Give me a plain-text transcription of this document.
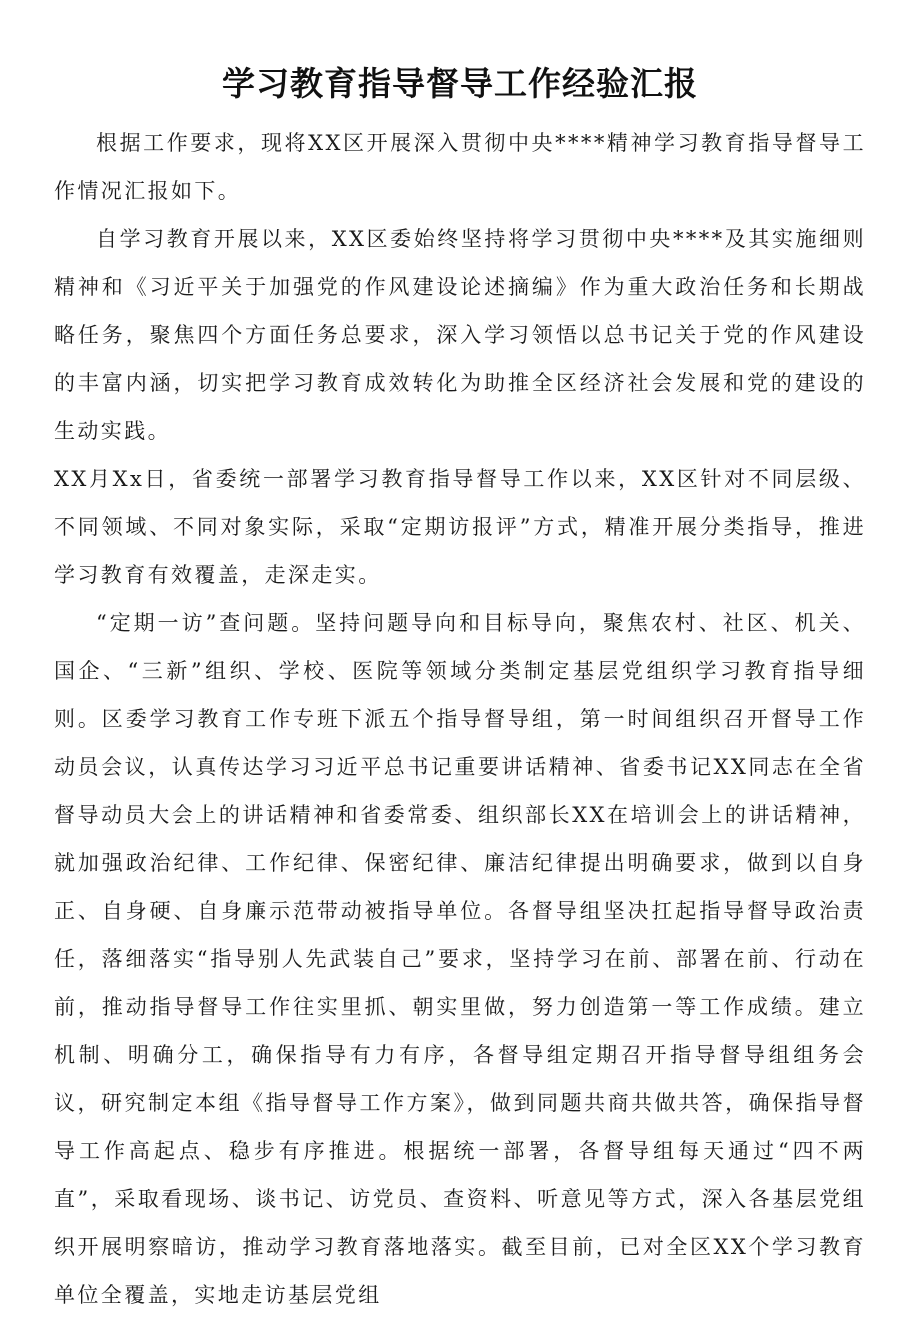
学习教育指导督导工作经验汇报

根据工作要求，现将XX区开展深入贯彻中央****精神学习教育指导督导工作情况汇报如下。

自学习教育开展以来，XX区委始终坚持将学习贯彻中央****及其实施细则精神和《习近平关于加强党的作风建设论述摘编》作为重大政治任务和长期战略任务，聚焦四个方面任务总要求，深入学习领悟以总书记关于党的作风建设的丰富内涵，切实把学习教育成效转化为助推全区经济社会发展和党的建设的生动实践。

XX月Xx日，省委统一部署学习教育指导督导工作以来，XX区针对不同层级、不同领域、不同对象实际，采取“定期访报评”方式，精准开展分类指导，推进学习教育有效覆盖，走深走实。

“定期一访”查问题。坚持问题导向和目标导向，聚焦农村、社区、机关、国企、“三新”组织、学校、医院等领域分类制定基层党组织学习教育指导细则。区委学习教育工作专班下派五个指导督导组，第一时间组织召开督导工作动员会议，认真传达学习习近平总书记重要讲话精神、省委书记XX同志在全省督导动员大会上的讲话精神和省委常委、组织部长XX在培训会上的讲话精神，就加强政治纪律、工作纪律、保密纪律、廉洁纪律提出明确要求，做到以自身正、自身硬、自身廉示范带动被指导单位。各督导组坚决扛起指导督导政治责任，落细落实“指导别人先武装自己”要求，坚持学习在前、部署在前、行动在前，推动指导督导工作往实里抓、朝实里做，努力创造第一等工作成绩。建立机制、明确分工，确保指导有力有序，各督导组定期召开指导督导组组务会议，研究制定本组《指导督导工作方案》，做到同题共商共做共答，确保指导督导工作高起点、稳步有序推进。根据统一部署，各督导组每天通过“四不两直”，采取看现场、谈书记、访党员、查资料、听意见等方式，深入各基层党组织开展明察暗访，推动学习教育落地落实。截至目前，已对全区XX个学习教育单位全覆盖，实地走访基层党组
